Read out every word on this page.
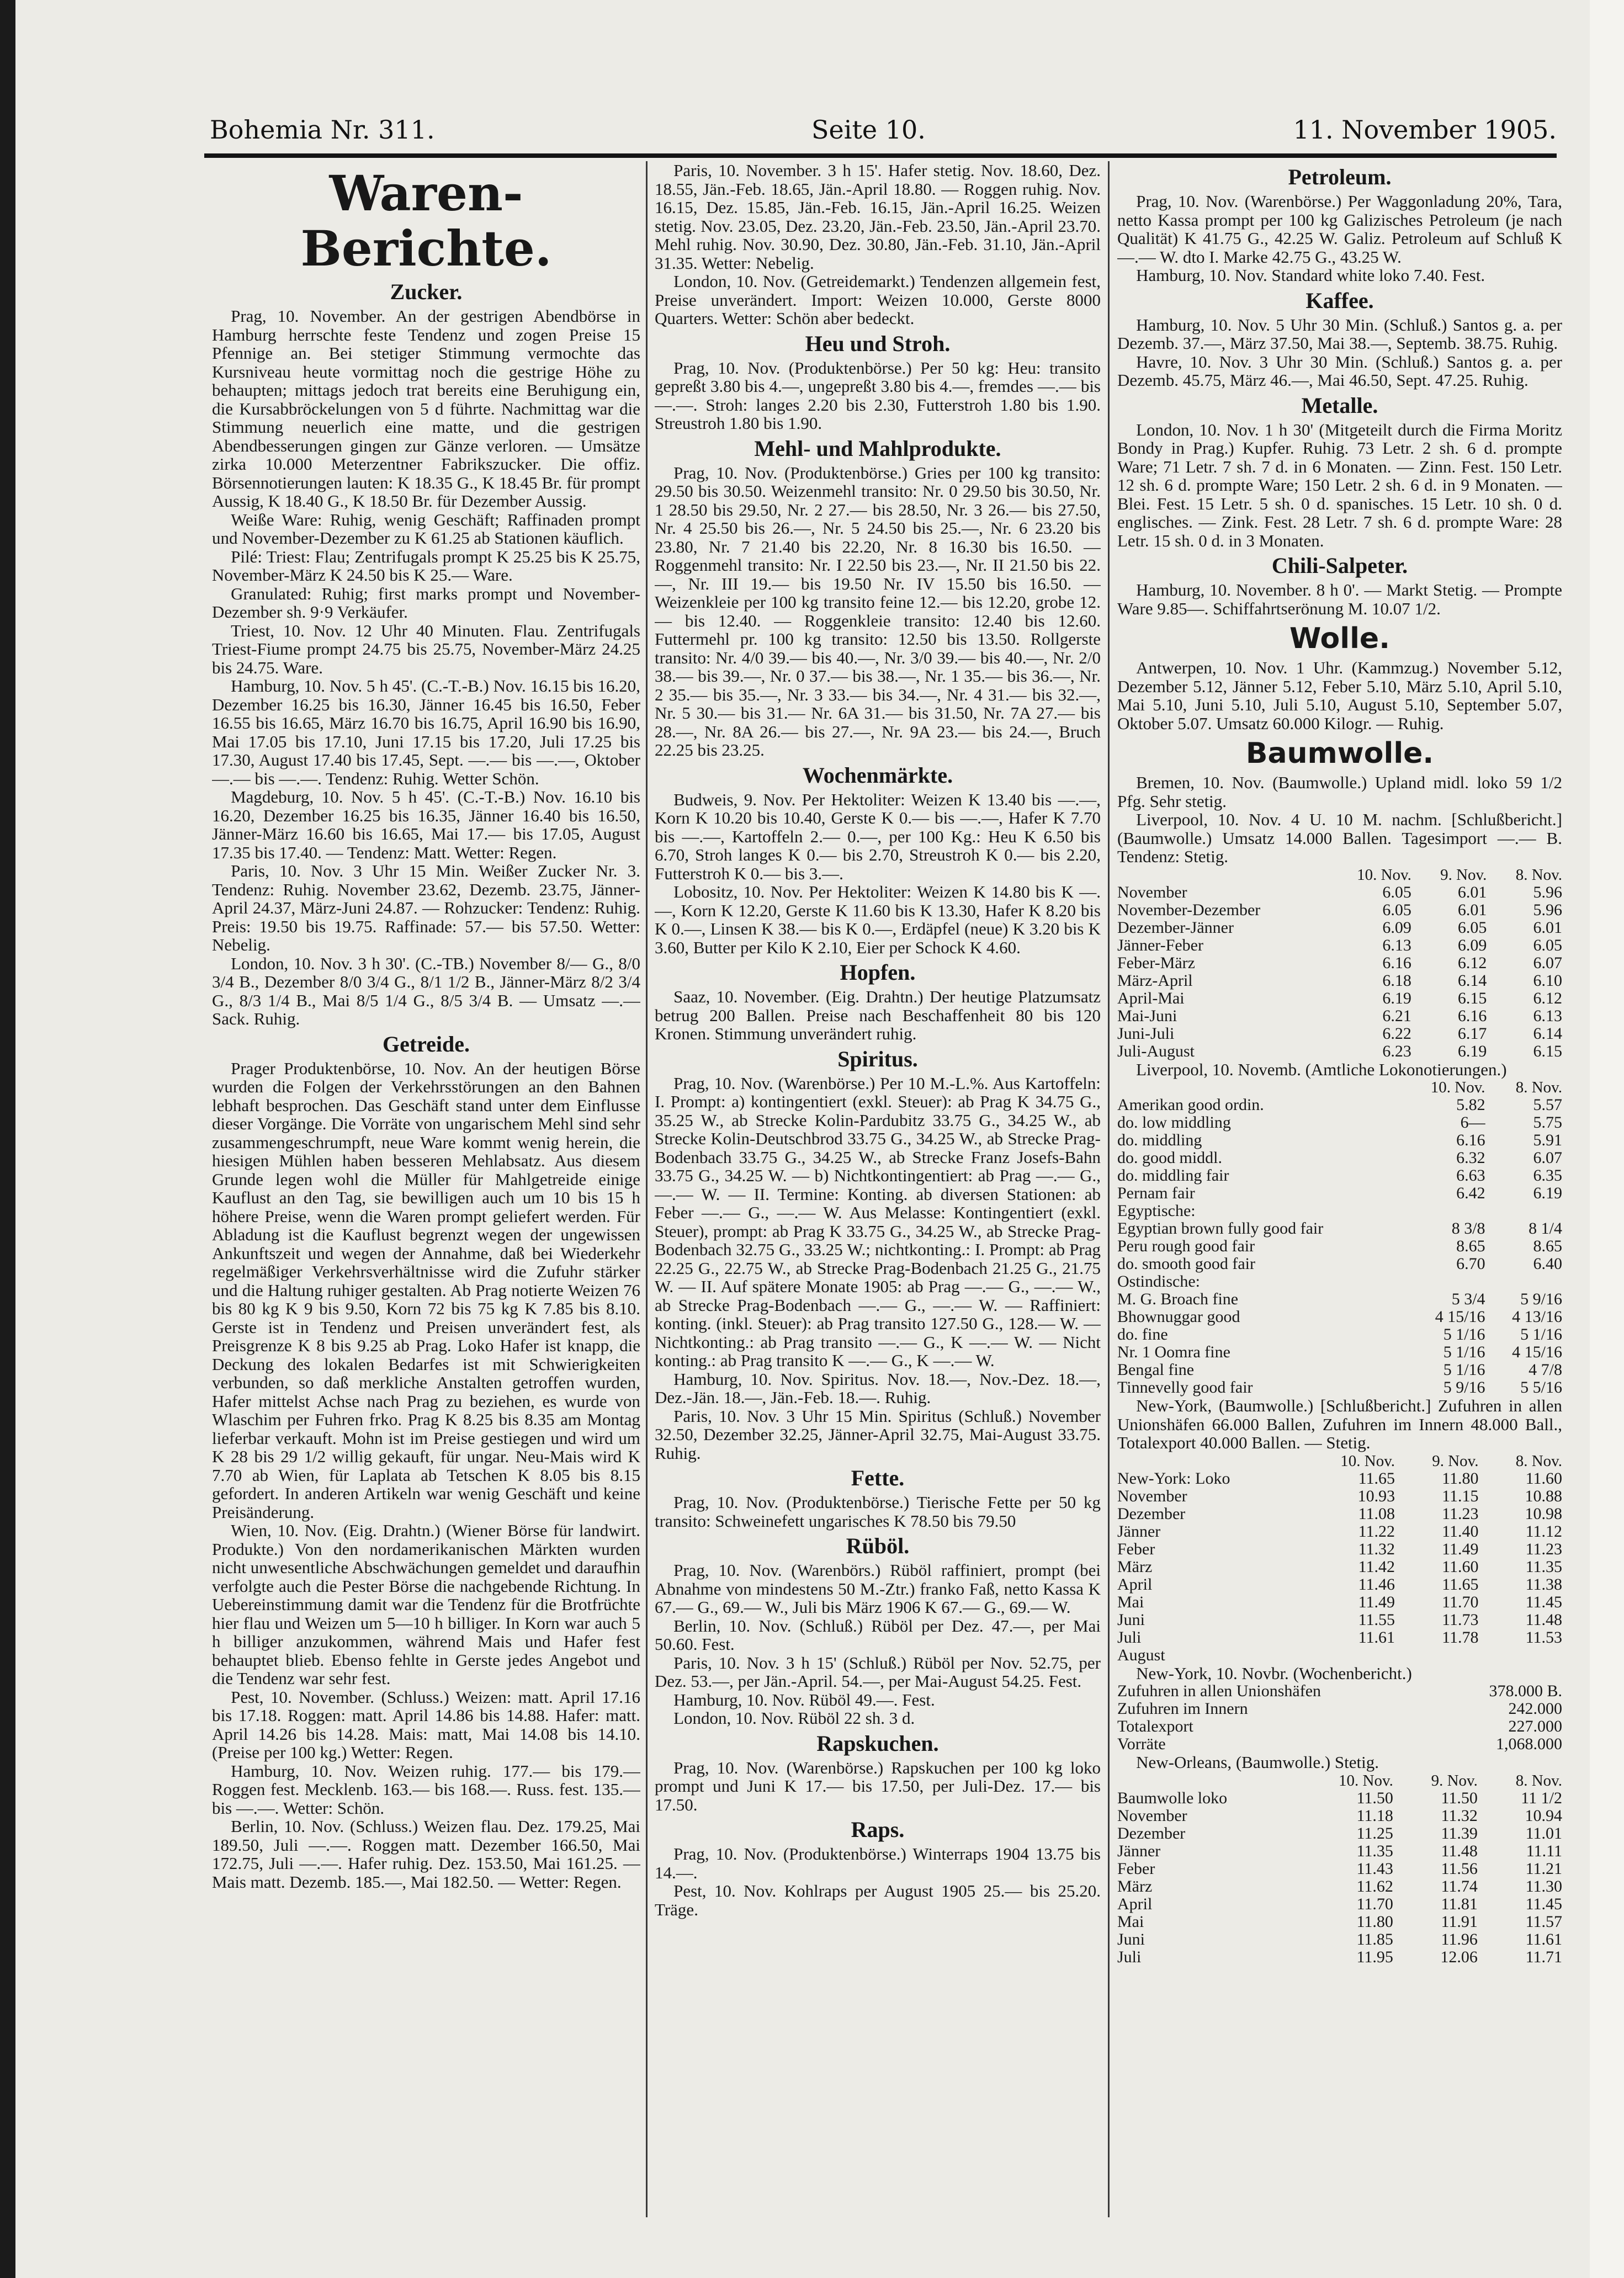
Bohemia Nr. 311.	Seite 10.	11. November 1905.
Waren-Berichte.
Zucker.

Prag, 10. November. An der gestrigen Abendbörse in Hamburg herrschte feste Tendenz und zogen Preise 15 Pfennige an. Bei stetiger Stimmung vermochte das Kursniveau heute vormittag noch die gestrige Höhe zu behaupten; mittags jedoch trat bereits eine Beruhigung ein, die Kursabbröckelungen von 5 d führte. Nachmittag war die Stimmung neuerlich eine matte, und die gestrigen Abendbesserungen gingen zur Gänze verloren. — Umsätze zirka 10.000 Meterzentner Fabrikszucker. Die offiz. Börsennotierungen lauten: K 18.35 G., K 18.45 Br. für prompt Aussig, K 18.40 G., K 18.50 Br. für Dezember Aussig.

Weiße Ware: Ruhig, wenig Geschäft; Raffinaden prompt und November-Dezember zu K 61.25 ab Stationen käuflich.

Pilé: Triest: Flau; Zentrifugals prompt K 25.25 bis K 25.75, November-März K 24.50 bis K 25.— Ware.

Granulated: Ruhig; first marks prompt und November-Dezember sh. 9·9 Verkäufer.

Triest, 10. Nov. 12 Uhr 40 Minuten. Flau. Zentrifugals Triest-Fiume prompt 24.75 bis 25.75, November-März 24.25 bis 24.75. Ware.

Hamburg, 10. Nov. 5 h 45'. (C.-T.-B.) Nov. 16.15 bis 16.20, Dezember 16.25 bis 16.30, Jänner 16.45 bis 16.50, Feber 16.55 bis 16.65, März 16.70 bis 16.75, April 16.90 bis 16.90, Mai 17.05 bis 17.10, Juni 17.15 bis 17.20, Juli 17.25 bis 17.30, August 17.40 bis 17.45, Sept. —.— bis —.—, Oktober —.— bis —.—. Tendenz: Ruhig. Wetter Schön.

Magdeburg, 10. Nov. 5 h 45'. (C.-T.-B.) Nov. 16.10 bis 16.20, Dezember 16.25 bis 16.35, Jänner 16.40 bis 16.50, Jänner-März 16.60 bis 16.65, Mai 17.— bis 17.05, August 17.35 bis 17.40. — Tendenz: Matt. Wetter: Regen.

Paris, 10. Nov. 3 Uhr 15 Min. Weißer Zucker Nr. 3. Tendenz: Ruhig. November 23.62, Dezemb. 23.75, Jänner-April 24.37, März-Juni 24.87. — Rohzucker: Tendenz: Ruhig. Preis: 19.50 bis 19.75. Raffinade: 57.— bis 57.50. Wetter: Nebelig.

London, 10. Nov. 3 h 30'. (C.-TB.) November 8/— G., 8/0 3/4 B., Dezember 8/0 3/4 G., 8/1 1/2 B., Jänner-März 8/2 3/4 G., 8/3 1/4 B., Mai 8/5 1/4 G., 8/5 3/4 B. — Umsatz —.— Sack. Ruhig.

Getreide.

Prager Produktenbörse, 10. Nov. An der heutigen Börse wurden die Folgen der Verkehrsstörungen an den Bahnen lebhaft besprochen. Das Geschäft stand unter dem Einflusse dieser Vorgänge. Die Vorräte von ungarischem Mehl sind sehr zusammengeschrumpft, neue Ware kommt wenig herein, die hiesigen Mühlen haben besseren Mehlabsatz. Aus diesem Grunde legen wohl die Müller für Mahlgetreide einige Kauflust an den Tag, sie bewilligen auch um 10 bis 15 h höhere Preise, wenn die Waren prompt geliefert werden. Für Abladung ist die Kauflust begrenzt wegen der ungewissen Ankunftszeit und wegen der Annahme, daß bei Wiederkehr regelmäßiger Verkehrsverhältnisse wird die Zufuhr stärker und die Haltung ruhiger gestalten. Ab Prag notierte Weizen 76 bis 80 kg K 9 bis 9.50, Korn 72 bis 75 kg K 7.85 bis 8.10. Gerste ist in Tendenz und Preisen unverändert fest, als Preisgrenze K 8 bis 9.25 ab Prag. Loko Hafer ist knapp, die Deckung des lokalen Bedarfes ist mit Schwierigkeiten verbunden, so daß merkliche Anstalten getroffen wurden, Hafer mittelst Achse nach Prag zu beziehen, es wurde von Wlaschim per Fuhren frko. Prag K 8.25 bis 8.35 am Montag lieferbar verkauft. Mohn ist im Preise gestiegen und wird um K 28 bis 29 1/2 willig gekauft, für ungar. Neu-Mais wird K 7.70 ab Wien, für Laplata ab Tetschen K 8.05 bis 8.15 gefordert. In anderen Artikeln war wenig Geschäft und keine Preisänderung.

Wien, 10. Nov. (Eig. Drahtn.) (Wiener Börse für landwirt. Produkte.) Von den nordamerikanischen Märkten wurden nicht unwesentliche Abschwächungen gemeldet und daraufhin verfolgte auch die Pester Börse die nachgebende Richtung. In Uebereinstimmung damit war die Tendenz für die Brotfrüchte hier flau und Weizen um 5—10 h billiger. In Korn war auch 5 h billiger anzukommen, während Mais und Hafer fest behauptet blieb. Ebenso fehlte in Gerste jedes Angebot und die Tendenz war sehr fest.

Pest, 10. November. (Schluss.) Weizen: matt. April 17.16 bis 17.18. Roggen: matt. April 14.86 bis 14.88. Hafer: matt. April 14.26 bis 14.28. Mais: matt, Mai 14.08 bis 14.10. (Preise per 100 kg.) Wetter: Regen.

Hamburg, 10. Nov. Weizen ruhig. 177.— bis 179.— Roggen fest. Mecklenb. 163.— bis 168.—. Russ. fest. 135.— bis —.—. Wetter: Schön.

Berlin, 10. Nov. (Schluss.) Weizen flau. Dez. 179.25, Mai 189.50, Juli —.—. Roggen matt. Dezember 166.50, Mai 172.75, Juli —.—. Hafer ruhig. Dez. 153.50, Mai 161.25. — Mais matt. Dezemb. 185.—, Mai 182.50. — Wetter: Regen.

Paris, 10. November. 3 h 15'. Hafer stetig. Nov. 18.60, Dez. 18.55, Jän.-Feb. 18.65, Jän.-April 18.80. — Roggen ruhig. Nov. 16.15, Dez. 15.85, Jän.-Feb. 16.15, Jän.-April 16.25. Weizen stetig. Nov. 23.05, Dez. 23.20, Jän.-Feb. 23.50, Jän.-April 23.70. Mehl ruhig. Nov. 30.90, Dez. 30.80, Jän.-Feb. 31.10, Jän.-April 31.35. Wetter: Nebelig.

London, 10. Nov. (Getreidemarkt.) Tendenzen allgemein fest, Preise unverändert. Import: Weizen 10.000, Gerste 8000 Quarters. Wetter: Schön aber bedeckt.

Heu und Stroh.

Prag, 10. Nov. (Produktenbörse.) Per 50 kg: Heu: transito gepreßt 3.80 bis 4.—, ungepreßt 3.80 bis 4.—, fremdes —.— bis —.—. Stroh: langes 2.20 bis 2.30, Futterstroh 1.80 bis 1.90. Streustroh 1.80 bis 1.90.

Mehl- und Mahlprodukte.

Prag, 10. Nov. (Produktenbörse.) Gries per 100 kg transito: 29.50 bis 30.50. Weizenmehl transito: Nr. 0 29.50 bis 30.50, Nr. 1 28.50 bis 29.50, Nr. 2 27.— bis 28.50, Nr. 3 26.— bis 27.50, Nr. 4 25.50 bis 26.—, Nr. 5 24.50 bis 25.—, Nr. 6 23.20 bis 23.80, Nr. 7 21.40 bis 22.20, Nr. 8 16.30 bis 16.50. — Roggenmehl transito: Nr. I 22.50 bis 23.—, Nr. II 21.50 bis 22.—, Nr. III 19.— bis 19.50 Nr. IV 15.50 bis 16.50. — Weizenkleie per 100 kg transito feine 12.— bis 12.20, grobe 12.— bis 12.40. — Roggenkleie transito: 12.40 bis 12.60. Futtermehl pr. 100 kg transito: 12.50 bis 13.50. Rollgerste transito: Nr. 4/0 39.— bis 40.—, Nr. 3/0 39.— bis 40.—, Nr. 2/0 38.— bis 39.—, Nr. 0 37.— bis 38.—, Nr. 1 35.— bis 36.—, Nr. 2 35.— bis 35.—, Nr. 3 33.— bis 34.—, Nr. 4 31.— bis 32.—, Nr. 5 30.— bis 31.— Nr. 6A 31.— bis 31.50, Nr. 7A 27.— bis 28.—, Nr. 8A 26.— bis 27.—, Nr. 9A 23.— bis 24.—, Bruch 22.25 bis 23.25.

Wochenmärkte.

Budweis, 9. Nov. Per Hektoliter: Weizen K 13.40 bis —.—, Korn K 10.20 bis 10.40, Gerste K 0.— bis —.—, Hafer K 7.70 bis —.—, Kartoffeln 2.— 0.—, per 100 Kg.: Heu K 6.50 bis 6.70, Stroh langes K 0.— bis 2.70, Streustroh K 0.— bis 2.20, Futterstroh K 0.— bis 3.—.

Lobositz, 10. Nov. Per Hektoliter: Weizen K 14.80 bis K —.—, Korn K 12.20, Gerste K 11.60 bis K 13.30, Hafer K 8.20 bis K 0.—, Linsen K 38.— bis K 0.—, Erdäpfel (neue) K 3.20 bis K 3.60, Butter per Kilo K 2.10, Eier per Schock K 4.60.

Hopfen.

Saaz, 10. November. (Eig. Drahtn.) Der heutige Platzumsatz betrug 200 Ballen. Preise nach Beschaffenheit 80 bis 120 Kronen. Stimmung unverändert ruhig.

Spiritus.

Prag, 10. Nov. (Warenbörse.) Per 10 M.-L.%. Aus Kartoffeln: I. Prompt: a) kontingentiert (exkl. Steuer): ab Prag K 34.75 G., 35.25 W., ab Strecke Kolin-Pardubitz 33.75 G., 34.25 W., ab Strecke Kolin-Deutschbrod 33.75 G., 34.25 W., ab Strecke Prag-Bodenbach 33.75 G., 34.25 W., ab Strecke Franz Josefs-Bahn 33.75 G., 34.25 W. — b) Nichtkontingentiert: ab Prag —.— G., —.— W. — II. Termine: Konting. ab diversen Stationen: ab Feber —.— G., —.— W. Aus Melasse: Kontingentiert (exkl. Steuer), prompt: ab Prag K 33.75 G., 34.25 W., ab Strecke Prag-Bodenbach 32.75 G., 33.25 W.; nichtkonting.: I. Prompt: ab Prag 22.25 G., 22.75 W., ab Strecke Prag-Bodenbach 21.25 G., 21.75 W. — II. Auf spätere Monate 1905: ab Prag —.— G., —.— W., ab Strecke Prag-Bodenbach —.— G., —.— W. — Raffiniert: konting. (inkl. Steuer): ab Prag transito 127.50 G., 128.— W. — Nichtkonting.: ab Prag transito —.— G., K —.— W. — Nicht konting.: ab Prag transito K —.— G., K —.— W.

Hamburg, 10. Nov. Spiritus. Nov. 18.—, Nov.-Dez. 18.—, Dez.-Jän. 18.—, Jän.-Feb. 18.—. Ruhig.

Paris, 10. Nov. 3 Uhr 15 Min. Spiritus (Schluß.) November 32.50, Dezember 32.25, Jänner-April 32.75, Mai-August 33.75. Ruhig.

Fette.

Prag, 10. Nov. (Produktenbörse.) Tierische Fette per 50 kg transito: Schweinefett ungarisches K 78.50 bis 79.50

Rüböl.

Prag, 10. Nov. (Warenbörs.) Rüböl raffiniert, prompt (bei Abnahme von mindestens 50 M.-Ztr.) franko Faß, netto Kassa K 67.— G., 69.— W., Juli bis März 1906 K 67.— G., 69.— W.

Berlin, 10. Nov. (Schluß.) Rüböl per Dez. 47.—, per Mai 50.60. Fest.

Paris, 10. Nov. 3 h 15' (Schluß.) Rüböl per Nov. 52.75, per Dez. 53.—, per Jän.-April. 54.—, per Mai-August 54.25. Fest.

Hamburg, 10. Nov. Rüböl 49.—. Fest.

London, 10. Nov. Rüböl 22 sh. 3 d.

Rapskuchen.

Prag, 10. Nov. (Warenbörse.) Rapskuchen per 100 kg loko prompt und Juni K 17.— bis 17.50, per Juli-Dez. 17.— bis 17.50.

Raps.

Prag, 10. Nov. (Produktenbörse.) Winterraps 1904 13.75 bis 14.—.

Pest, 10. Nov. Kohlraps per August 1905 25.— bis 25.20. Träge.

Petroleum.

Prag, 10. Nov. (Warenbörse.) Per Waggonladung 20%, Tara, netto Kassa prompt per 100 kg Galizisches Petroleum (je nach Qualität) K 41.75 G., 42.25 W. Galiz. Petroleum auf Schluß K —.— W. dto I. Marke 42.75 G., 43.25 W.

Hamburg, 10. Nov. Standard white loko 7.40. Fest.

Kaffee.

Hamburg, 10. Nov. 5 Uhr 30 Min. (Schluß.) Santos g. a. per Dezemb. 37.—, März 37.50, Mai 38.—, Septemb. 38.75. Ruhig.

Havre, 10. Nov. 3 Uhr 30 Min. (Schluß.) Santos g. a. per Dezemb. 45.75, März 46.—, Mai 46.50, Sept. 47.25. Ruhig.

Metalle.

London, 10. Nov. 1 h 30' (Mitgeteilt durch die Firma Moritz Bondy in Prag.) Kupfer. Ruhig. 73 Letr. 2 sh. 6 d. prompte Ware; 71 Letr. 7 sh. 7 d. in 6 Monaten. — Zinn. Fest. 150 Letr. 12 sh. 6 d. prompte Ware; 150 Letr. 2 sh. 6 d. in 9 Monaten. — Blei. Fest. 15 Letr. 5 sh. 0 d. spanisches. 15 Letr. 10 sh. 0 d. englisches. — Zink. Fest. 28 Letr. 7 sh. 6 d. prompte Ware: 28 Letr. 15 sh. 0 d. in 3 Monaten.

Chili-Salpeter.

Hamburg, 10. November. 8 h 0'. — Markt Stetig. — Prompte Ware 9.85—. Schiffahrtserönung M. 10.07 1/2.

Wolle.

Antwerpen, 10. Nov. 1 Uhr. (Kammzug.) November 5.12, Dezember 5.12, Jänner 5.12, Feber 5.10, März 5.10, April 5.10, Mai 5.10, Juni 5.10, Juli 5.10, August 5.10, September 5.07, Oktober 5.07. Umsatz 60.000 Kilogr. — Ruhig.

Baumwolle.

Bremen, 10. Nov. (Baumwolle.) Upland midl. loko 59 1/2 Pfg. Sehr stetig.

Liverpool, 10. Nov. 4 U. 10 M. nachm. [Schlußbericht.] (Baumwolle.) Umsatz 14.000 Ballen. Tagesimport —.— B. Tendenz: Stetig.

	10. Nov.	9. Nov.	8. Nov.
November	6.05	6.01	5.96
November-Dezember	6.05	6.01	5.96
Dezember-Jänner	6.09	6.05	6.01
Jänner-Feber	6.13	6.09	6.05
Feber-März	6.16	6.12	6.07
März-April	6.18	6.14	6.10
April-Mai	6.19	6.15	6.12
Mai-Juni	6.21	6.16	6.13
Juni-Juli	6.22	6.17	6.14
Juli-August	6.23	6.19	6.15

Liverpool, 10. Novemb. (Amtliche Lokonotierungen.)

	10. Nov.	8. Nov.
Amerikan good ordin.	5.82	5.57
do. low middling	6—	5.75
do. middling	6.16	5.91
do. good middl.	6.32	6.07
do. middling fair	6.63	6.35
Pernam fair	6.42	6.19
Egyptische:		
Egyptian brown fully good fair	8 3/8	8 1/4
Peru rough good fair	8.65	8.65
do. smooth good fair	6.70	6.40
Ostindische:		
M. G. Broach fine	5 3/4	5 9/16
Bhownuggar good	4 15/16	4 13/16
do. fine	5 1/16	5 1/16
Nr. 1 Oomra fine	5 1/16	4 15/16
Bengal fine	5 1/16	4 7/8
Tinnevelly good fair	5 9/16	5 5/16

New-York, (Baumwolle.) [Schlußbericht.] Zufuhren in allen Unionshäfen 66.000 Ballen, Zufuhren im Innern 48.000 Ball., Totalexport 40.000 Ballen. — Stetig.

	10. Nov.	9. Nov.	8. Nov.
New-York: Loko	11.65	11.80	11.60
November	10.93	11.15	10.88
Dezember	11.08	11.23	10.98
Jänner	11.22	11.40	11.12
Feber	11.32	11.49	11.23
März	11.42	11.60	11.35
April	11.46	11.65	11.38
Mai	11.49	11.70	11.45
Juni	11.55	11.73	11.48
Juli	11.61	11.78	11.53
August			

New-York, 10. Novbr. (Wochenbericht.)

Zufuhren in allen Unionshäfen	378.000 B.
Zufuhren im Innern	242.000
Totalexport	227.000
Vorräte	1,068.000

New-Orleans, (Baumwolle.) Stetig.

	10. Nov.	9. Nov.	8. Nov.
Baumwolle loko	11.50	11.50	11 1/2
November	11.18	11.32	10.94
Dezember	11.25	11.39	11.01
Jänner	11.35	11.48	11.11
Feber	11.43	11.56	11.21
März	11.62	11.74	11.30
April	11.70	11.81	11.45
Mai	11.80	11.91	11.57
Juni	11.85	11.96	11.61
Juli	11.95	12.06	11.71
